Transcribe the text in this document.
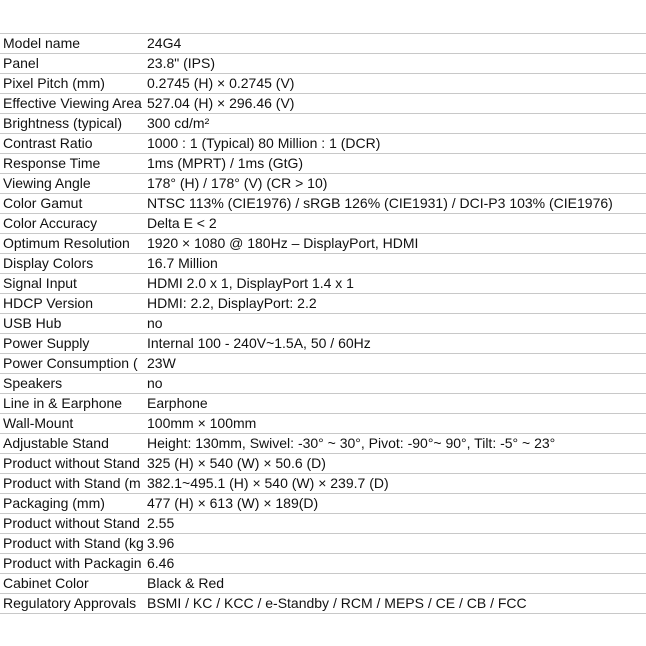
Model name	24G4
Panel	23.8" (IPS)
Pixel Pitch (mm)	0.2745 (H) × 0.2745 (V)
Effective Viewing Area	527.04 (H) × 296.46 (V)
Brightness (typical)	300 cd/m²
Contrast Ratio	1000 : 1 (Typical) 80 Million : 1 (DCR)
Response Time	1ms (MPRT) / 1ms (GtG)
Viewing Angle	178° (H) / 178° (V) (CR > 10)
Color Gamut	NTSC 113% (CIE1976) / sRGB 126% (CIE1931) / DCI-P3 103% (CIE1976)
Color Accuracy	Delta E < 2
Optimum Resolution	1920 × 1080 @ 180Hz – DisplayPort, HDMI
Display Colors	16.7 Million
Signal Input	HDMI 2.0 x 1, DisplayPort 1.4 x 1
HDCP Version	HDMI: 2.2, DisplayPort: 2.2
USB Hub	no
Power Supply	Internal 100 - 240V~1.5A, 50 / 60Hz
Power Consumption (	23W
Speakers	no
Line in & Earphone	Earphone
Wall-Mount	100mm × 100mm
Adjustable Stand	Height: 130mm, Swivel: -30° ~ 30°, Pivot: -90°~ 90°, Tilt: -5° ~ 23°
Product without Stand	325 (H) × 540 (W) × 50.6 (D)
Product with Stand (m	382.1~495.1 (H) × 540 (W) × 239.7 (D)
Packaging (mm)	477 (H) × 613 (W) × 189(D)
Product without Stand	2.55
Product with Stand (kg	3.96
Product with Packagin	6.46
Cabinet Color	Black & Red
Regulatory Approvals	BSMI / KC / KCC / e-Standby / RCM / MEPS / CE / CB / FCC
